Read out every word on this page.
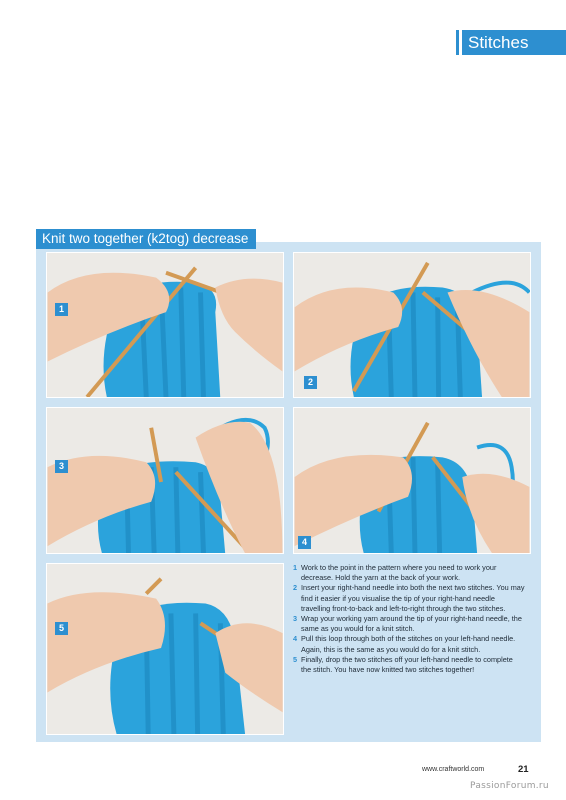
Stitches
Knit two together (k2tog) decrease
1
2
3
4
5
1 Work to the point in the pattern where you need to work your decrease. Hold the yarn at the back of your work.
2 Insert your right-hand needle into both the next two stitches. You may find it easier if you visualise the tip of your right-hand needle travelling front-to-back and left-to-right through the two stitches.
3 Wrap your working yarn around the tip of your right-hand needle, the same as you would for a knit stitch.
4 Pull this loop through both of the stitches on your left-hand needle. Again, this is the same as you would do for a knit stitch.
5 Finally, drop the two stitches off your left-hand needle to complete the stitch. You have now knitted two stitches together!
www.craftworld.com	21
PassionForum.ru
